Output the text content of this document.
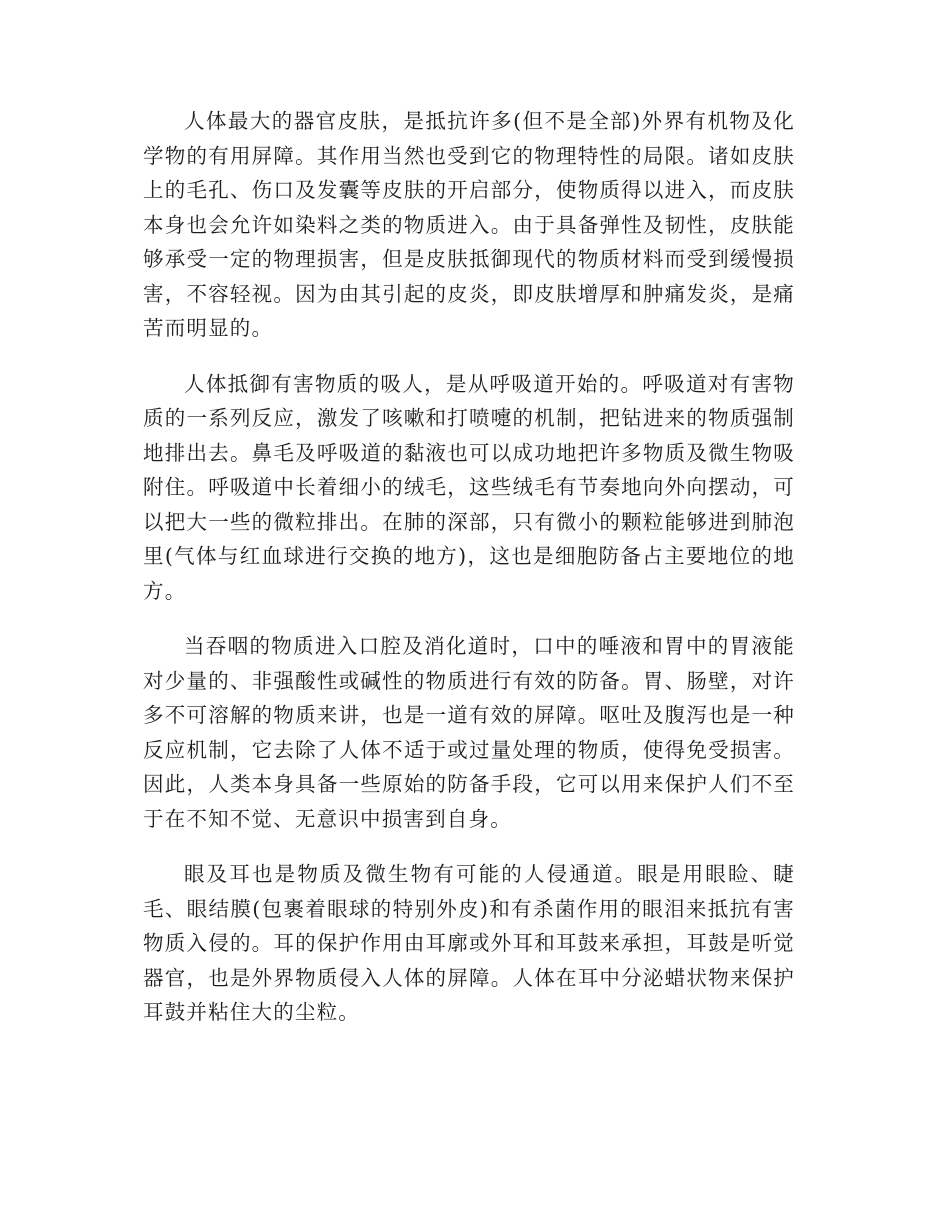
人体最大的器官皮肤，是抵抗许多(但不是全部)外界有机物及化学物的有用屏障。其作用当然也受到它的物理特性的局限。诸如皮肤上的毛孔、伤口及发囊等皮肤的开启部分，使物质得以进入，而皮肤本身也会允许如染料之类的物质进入。由于具备弹性及韧性，皮肤能够承受一定的物理损害，但是皮肤抵御现代的物质材料而受到缓慢损害，不容轻视。因为由其引起的皮炎，即皮肤增厚和肿痛发炎，是痛苦而明显的。

人体抵御有害物质的吸人，是从呼吸道开始的。呼吸道对有害物质的一系列反应，激发了咳嗽和打喷嚏的机制，把钻进来的物质强制地排出去。鼻毛及呼吸道的黏液也可以成功地把许多物质及微生物吸附住。呼吸道中长着细小的绒毛，这些绒毛有节奏地向外向摆动，可以把大一些的微粒排出。在肺的深部，只有微小的颗粒能够进到肺泡里(气体与红血球进行交换的地方)，这也是细胞防备占主要地位的地方。

当吞咽的物质进入口腔及消化道时，口中的唾液和胃中的胃液能对少量的、非强酸性或碱性的物质进行有效的防备。胃、肠壁，对许多不可溶解的物质来讲，也是一道有效的屏障。呕吐及腹泻也是一种反应机制，它去除了人体不适于或过量处理的物质，使得免受损害。因此，人类本身具备一些原始的防备手段，它可以用来保护人们不至于在不知不觉、无意识中损害到自身。

眼及耳也是物质及微生物有可能的人侵通道。眼是用眼睑、睫毛、眼结膜(包裹着眼球的特别外皮)和有杀菌作用的眼泪来抵抗有害物质入侵的。耳的保护作用由耳廓或外耳和耳鼓来承担，耳鼓是听觉器官，也是外界物质侵入人体的屏障。人体在耳中分泌蜡状物来保护耳鼓并粘住大的尘粒。
